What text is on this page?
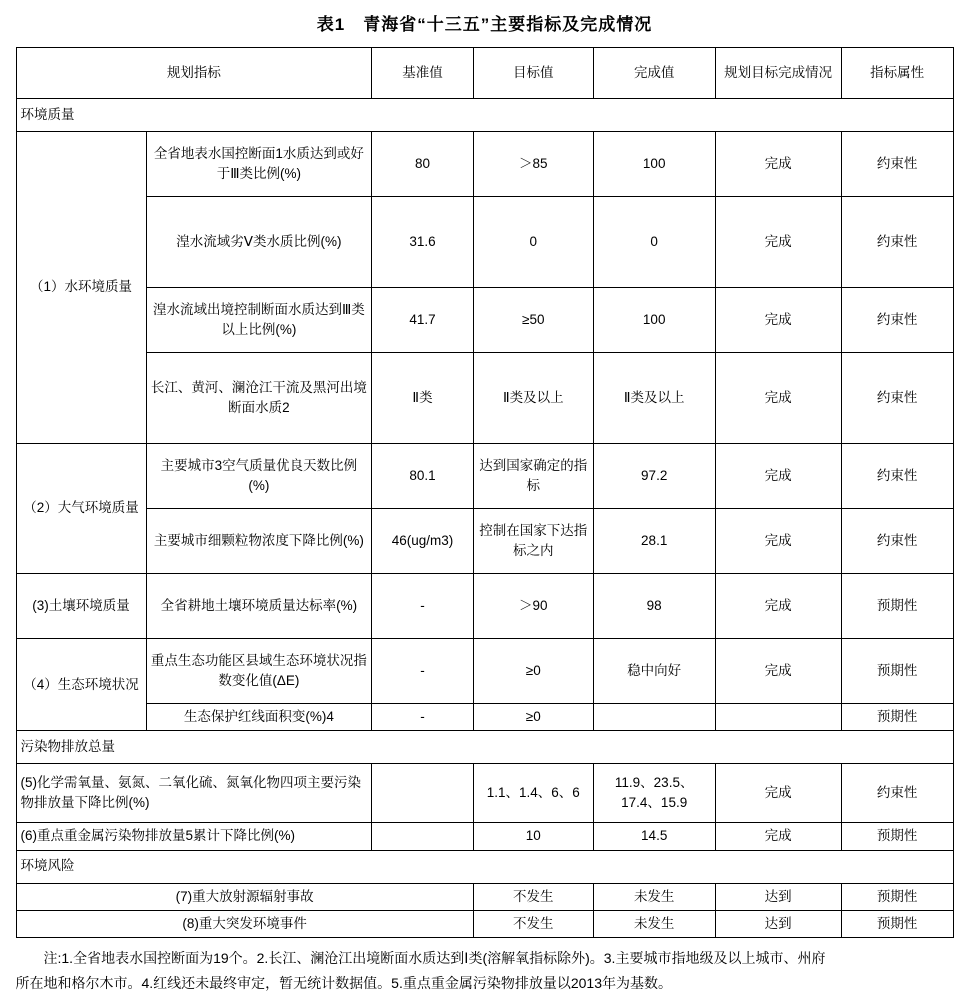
表1　青海省“十三五”主要指标及完成情况
规划指标		基准值	目标值	完成值	规划目标完成情况	指标属性
环境质量						
（1）水环境质量	全省地表水国控断面1水质达到或好于Ⅲ类比例(%)	80	＞85	100	完成	约束性
	湟水流域劣Ⅴ类水质比例(%)	31.6	0	0	完成	约束性
	湟水流域出境控制断面水质达到Ⅲ类以上比例(%)	41.7	≥50	100	完成	约束性
	长江、黄河、澜沧江干流及黑河出境断面水质2	Ⅱ类	Ⅱ类及以上	Ⅱ类及以上	完成	约束性
（2）大气环境质量	主要城市3空气质量优良天数比例(%)	80.1	达到国家确定的指标	97.2	完成	约束性
	主要城市细颗粒物浓度下降比例(%)	46(ug/m3)	控制在国家下达指标之内	28.1	完成	约束性
(3)土壤环境质量	全省耕地土壤环境质量达标率(%)	-	＞90	98	完成	预期性
（4）生态环境状况	重点生态功能区县域生态环境状况指数变化值(ΔE)	-	≥0	稳中向好	完成	预期性
	生态保护红线面积变(%)4	-	≥0			预期性
污染物排放总量						
(5)化学需氧量、氨氮、二氧化硫、氮氧化物四项主要污染物排放量下降比例(%)			1.1、1.4、6、6	11.9、23.5、17.4、15.9	完成	约束性
(6)重点重金属污染物排放量5累计下降比例(%)			10	14.5	完成	预期性
环境风险						
(7)重大放射源辐射事故			不发生	未发生	达到	预期性
(8)重大突发环境事件			不发生	未发生	达到	预期性

注:1.全省地表水国控断面为19个。2.长江、澜沧江出境断面水质达到Ⅰ类(溶解氧指标除外)。3.主要城市指地级及以上城市、州府

所在地和格尔木市。4.红线还未最终审定，暂无统计数据值。5.重点重金属污染物排放量以2013年为基数。
